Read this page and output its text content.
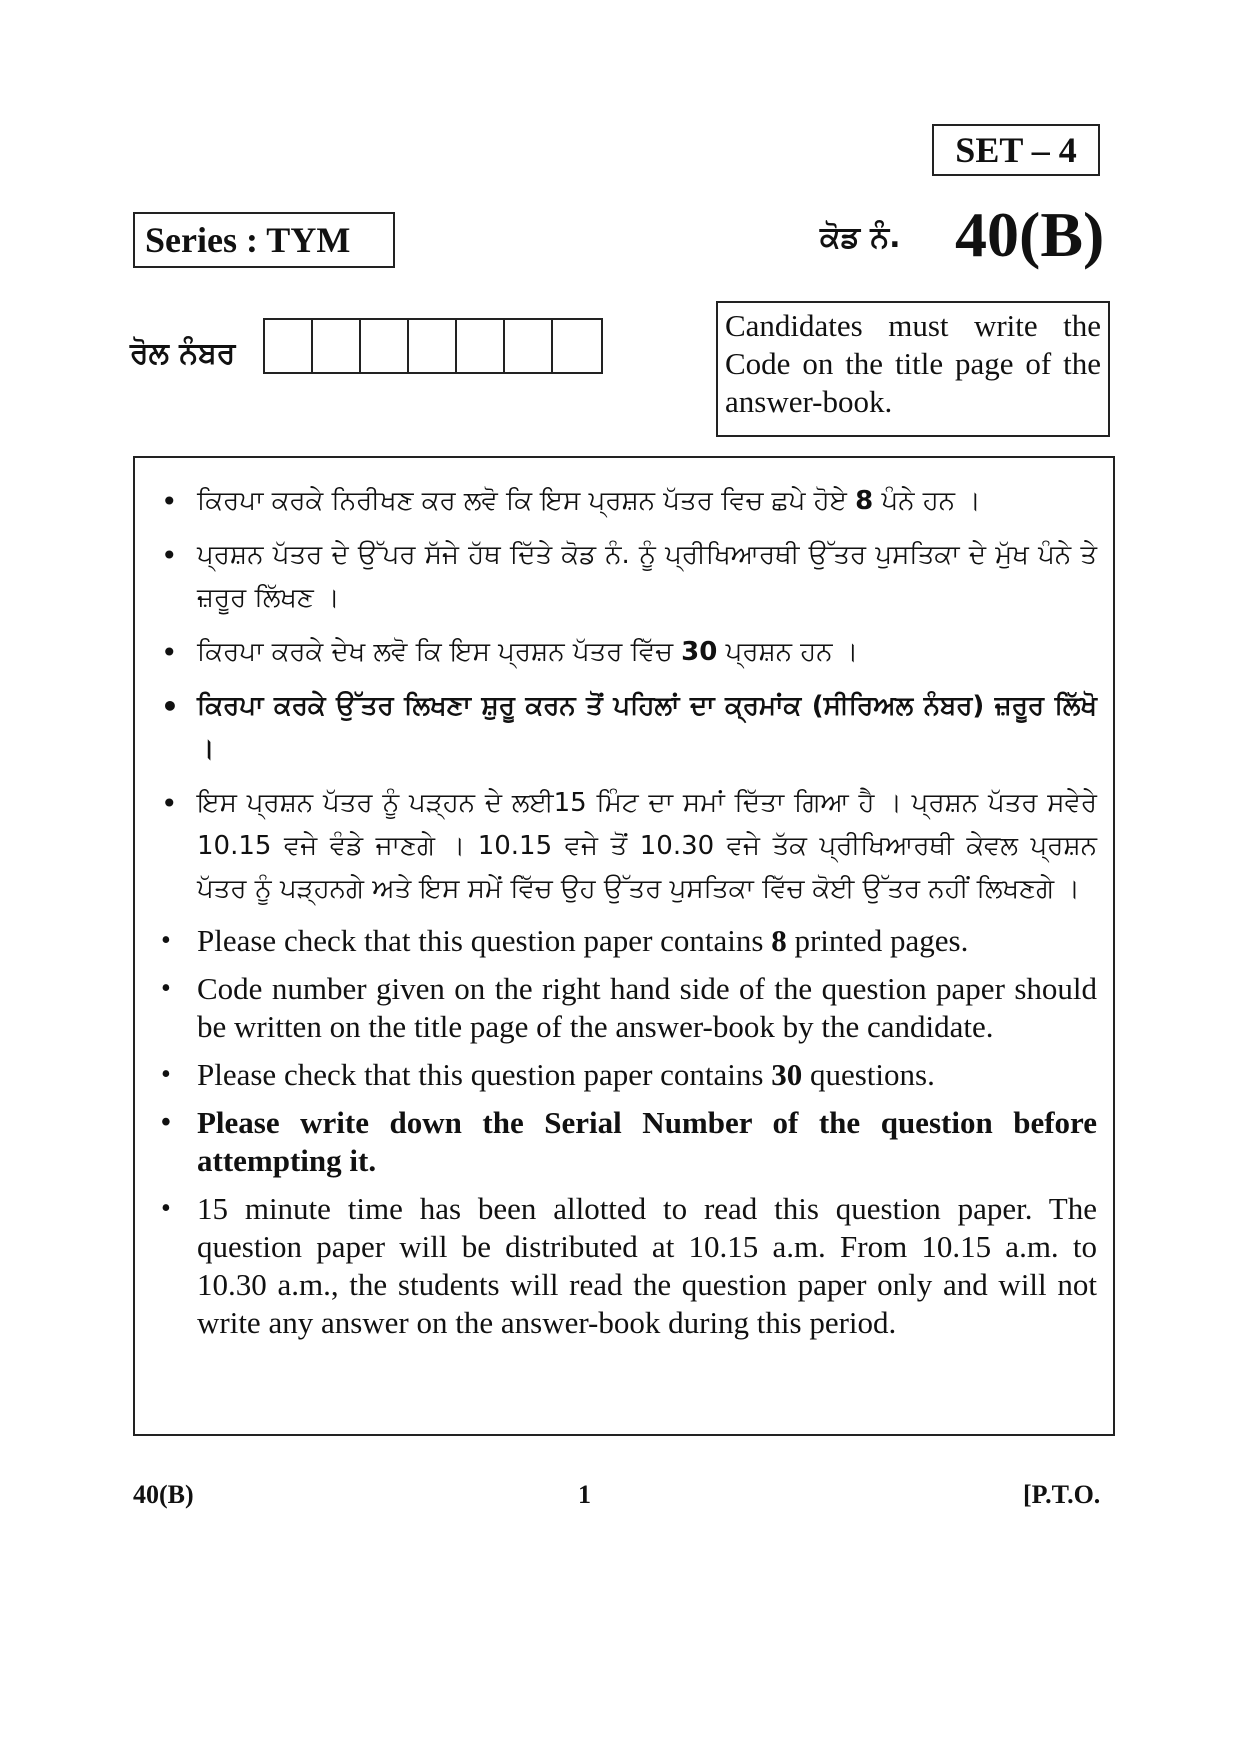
SET – 4
Series : TYM	ਕੋਡ ਨੰ. 40(B)
ਰੋਲ ਨੰਬਰ
Candidates must write the Code on the title page of the answer-book.
• ਕਿਰਪਾ ਕਰਕੇ ਨਿਰੀਖਣ ਕਰ ਲਵੋ ਕਿ ਇਸ ਪ੍ਰਸ਼ਨ ਪੱਤਰ ਵਿਚ ਛਪੇ ਹੋਏ 8 ਪੰਨੇ ਹਨ ।
• ਪ੍ਰਸ਼ਨ ਪੱਤਰ ਦੇ ਉੱਪਰ ਸੱਜੇ ਹੱਥ ਦਿੱਤੇ ਕੋਡ ਨੰ. ਨੂੰ ਪ੍ਰੀਖਿਆਰਥੀ ਉੱਤਰ ਪੁਸਤਿਕਾ ਦੇ ਮੁੱਖ ਪੰਨੇ ਤੇ ਜ਼ਰੂਰ ਲਿੱਖਣ ।
• ਕਿਰਪਾ ਕਰਕੇ ਦੇਖ ਲਵੋ ਕਿ ਇਸ ਪ੍ਰਸ਼ਨ ਪੱਤਰ ਵਿੱਚ 30 ਪ੍ਰਸ਼ਨ ਹਨ ।
• ਕਿਰਪਾ ਕਰਕੇ ਉੱਤਰ ਲਿਖਣਾ ਸ਼ੁਰੂ ਕਰਨ ਤੋਂ ਪਹਿਲਾਂ ਦਾ ਕ੍ਰਮਾਂਕ (ਸੀਰਿਅਲ ਨੰਬਰ) ਜ਼ਰੂਰ ਲਿੱਖੋ ।
• ਇਸ ਪ੍ਰਸ਼ਨ ਪੱਤਰ ਨੂੰ ਪੜ੍ਹਨ ਦੇ ਲਈ15 ਮਿੰਟ ਦਾ ਸਮਾਂ ਦਿੱਤਾ ਗਿਆ ਹੈ । ਪ੍ਰਸ਼ਨ ਪੱਤਰ ਸਵੇਰੇ 10.15 ਵਜੇ ਵੰਡੇ ਜਾਣਗੇ । 10.15 ਵਜੇ ਤੋਂ 10.30 ਵਜੇ ਤੱਕ ਪ੍ਰੀਖਿਆਰਥੀ ਕੇਵਲ ਪ੍ਰਸ਼ਨ ਪੱਤਰ ਨੂੰ ਪੜ੍ਹਨਗੇ ਅਤੇ ਇਸ ਸਮੇਂ ਵਿੱਚ ਉਹ ਉੱਤਰ ਪੁਸਤਿਕਾ ਵਿੱਚ ਕੋਈ ਉੱਤਰ ਨਹੀਂ ਲਿਖਣਗੇ ।
• Please check that this question paper contains 8 printed pages.
• Code number given on the right hand side of the question paper should be written on the title page of the answer-book by the candidate.
• Please check that this question paper contains 30 questions.
• Please write down the Serial Number of the question before attempting it.
• 15 minute time has been allotted to read this question paper. The question paper will be distributed at 10.15 a.m. From 10.15 a.m. to 10.30 a.m., the students will read the question paper only and will not write any answer on the answer-book during this period.
40(B)	1	[P.T.O.
